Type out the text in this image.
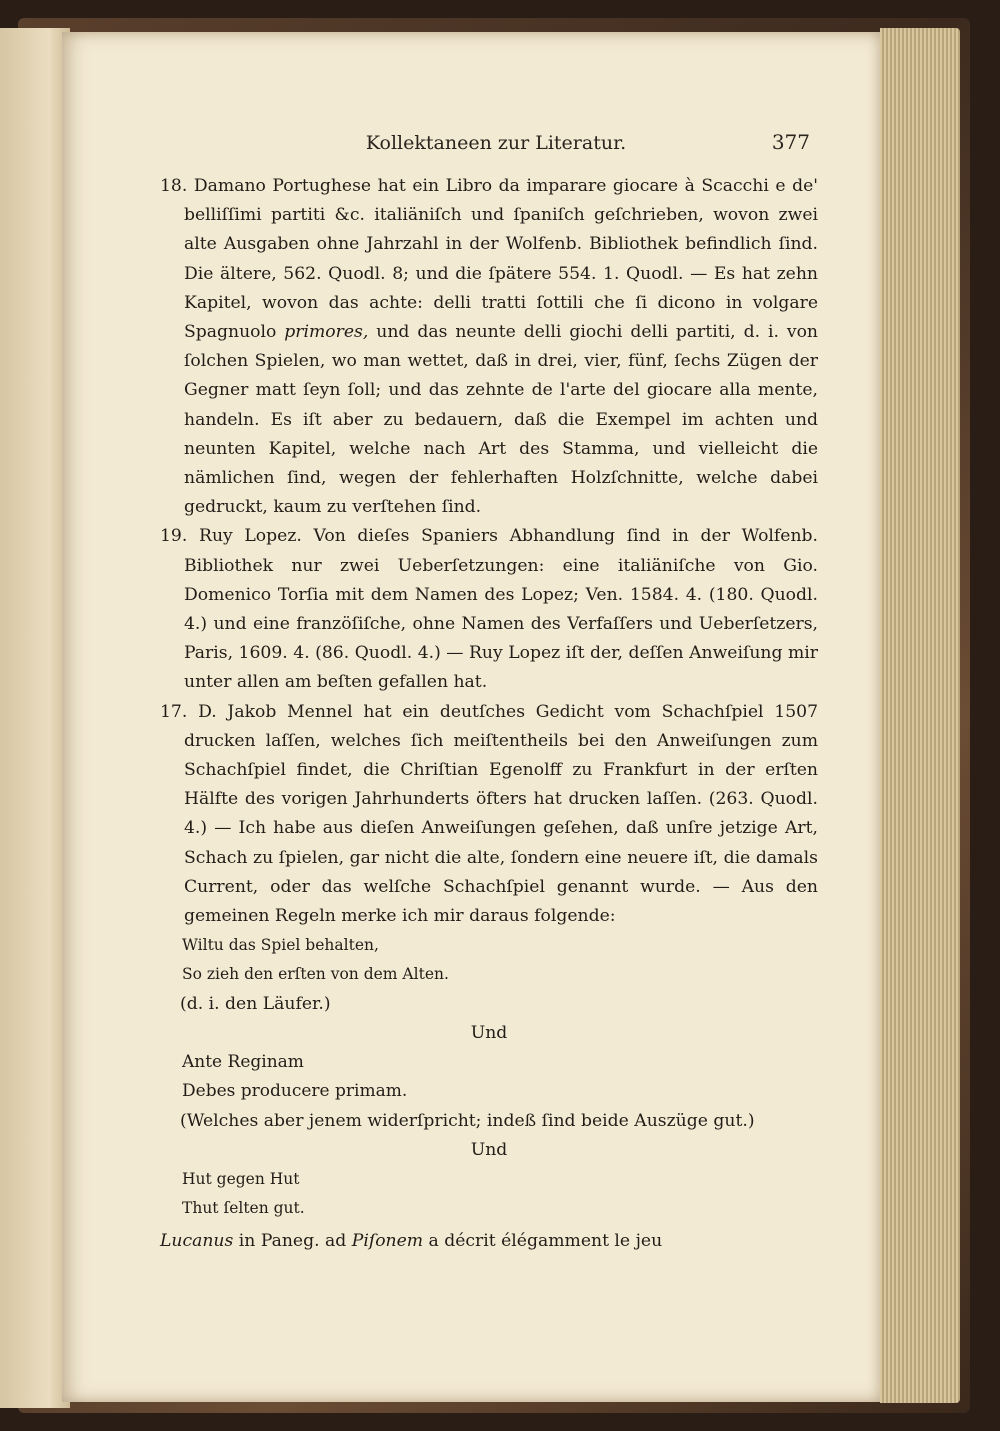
Kollektaneen zur Literatur.	377

18. Damano Portughese hat ein Libro da imparare giocare à Scacchi e de' belliſſimi partiti &c. italiäniſch und ſpaniſch geſchrieben, wovon zwei alte Ausgaben ohne Jahrzahl in der Wolfenb. Bibliothek befindlich ſind. Die ältere, 562. Quodl. 8; und die ſpätere 554. 1. Quodl. — Es hat zehn Kapitel, wovon das achte: delli tratti ſottili che ſi dicono in volgare Spagnuolo primores, und das neunte delli giochi delli partiti, d. i. von ſolchen Spielen, wo man wettet, daß in drei, vier, fünf, ſechs Zügen der Gegner matt ſeyn ſoll; und das zehnte de l'arte del giocare alla mente, handeln. Es iſt aber zu bedauern, daß die Exempel im achten und neunten Kapitel, welche nach Art des Stamma, und vielleicht die nämlichen ſind, wegen der fehlerhaften Holzſchnitte, welche dabei gedruckt, kaum zu verſtehen ſind.

19. Ruy Lopez. Von dieſes Spaniers Abhandlung ſind in der Wolfenb. Bibliothek nur zwei Ueberſetzungen: eine italiäniſche von Gio. Domenico Torſia mit dem Namen des Lopez; Ven. 1584. 4. (180. Quodl. 4.) und eine franzöſiſche, ohne Namen des Verfaſſers und Ueberſetzers, Paris, 1609. 4. (86. Quodl. 4.) — Ruy Lopez iſt der, deſſen Anweiſung mir unter allen am beſten gefallen hat.

17. D. Jakob Mennel hat ein deutſches Gedicht vom Schachſpiel 1507 drucken laſſen, welches ſich meiſtentheils bei den Anweiſungen zum Schachſpiel findet, die Chriſtian Egenolff zu Frankfurt in der erſten Hälfte des vorigen Jahrhunderts öfters hat drucken laſſen. (263. Quodl. 4.) — Ich habe aus dieſen Anweiſungen geſehen, daß unſre jetzige Art, Schach zu ſpielen, gar nicht die alte, ſondern eine neuere iſt, die damals Current, oder das welſche Schachſpiel genannt wurde. — Aus den gemeinen Regeln merke ich mir daraus folgende:

Wiltu das Spiel behalten,

So zieh den erſten von dem Alten.

(d. i. den Läufer.)

Und

Ante Reginam

Debes producere primam.

(Welches aber jenem widerſpricht; indeß ſind beide Auszüge gut.)

Und

Hut gegen Hut

Thut ſelten gut.

Lucanus in Paneg. ad Piſonem a décrit élégamment le jeu
